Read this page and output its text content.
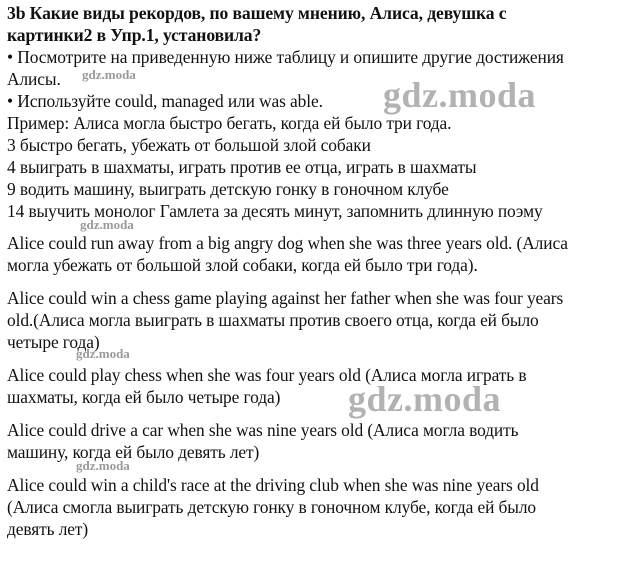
3b Какие виды рекордов, по вашему мнению, Алиса, девушка с
картинки2 в Упр.1, установила?
• Посмотрите на приведенную ниже таблицу и опишите другие достижения
Алисы.
• Используйте could, managed или was able.
Пример: Алиса могла быстро бегать, когда ей было три года.
3 быстро бегать, убежать от большой злой собаки
4 выиграть в шахматы, играть против ее отца, играть в шахматы
9 водить машину, выиграть детскую гонку в гоночном клубе
14 выучить монолог Гамлета за десять минут, запомнить длинную поэму
Alice could run away from a big angry dog when she was three years old. (Алиса
могла убежать от большой злой собаки, когда ей было три года).
Alice could win a chess game playing against her father when she was four years
old.(Алиса могла выиграть в шахматы против своего отца, когда ей было
четыре года)
Alice could play chess when she was four years old (Алиса могла играть в
шахматы, когда ей было четыре года)
Alice could drive a car when she was nine years old (Алиса могла водить
машину, когда ей было девять лет)
Alice could win a child's race at the driving club when she was nine years old
(Алиса смогла выиграть детскую гонку в гоночном клубе, когда ей было
девять лет)
gdz.moda
gdz.moda
gdz.moda
gdz.moda
gdz.moda
gdz.moda
